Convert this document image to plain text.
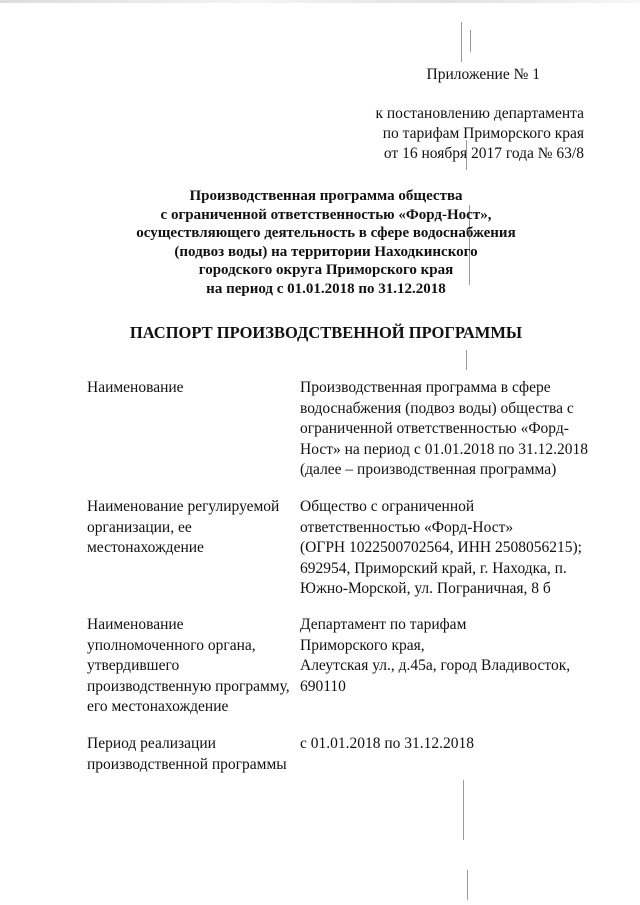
Приложение № 1

к постановлению департамента
по тарифам Приморского края
от 16 ноября 2017 года № 63/8
Производственная программа общества
с ограниченной ответственностью «Форд-Ност»,
осуществляющего деятельность в сфере водоснабжения
(подвоз воды) на территории Находкинского
городского округа Приморского края
на период с 01.01.2018 по 31.12.2018
ПАСПОРТ ПРОИЗВОДСТВЕННОЙ ПРОГРАММЫ
Наименование	Производственная программа в сфере
водоснабжения (подвоз воды) общества с
ограниченной ответственностью «Форд-
Ност» на период с 01.01.2018 по 31.12.2018
(далее – производственная программа)
Наименование регулируемой
организации, ее
местонахождение
Общество с ограниченной
ответственностью «Форд-Ност»
(ОГРН 1022500702564, ИНН 2508056215);
692954, Приморский край, г. Находка, п.
Южно-Морской, ул. Пограничная, 8 б
Наименование
уполномоченного органа,
утвердившего
производственную программу,
его местонахождение
Департамент по тарифам
Приморского края,
Алеутская ул., д.45а, город Владивосток,
690110
Период реализации
производственной программы
с 01.01.2018 по 31.12.2018
